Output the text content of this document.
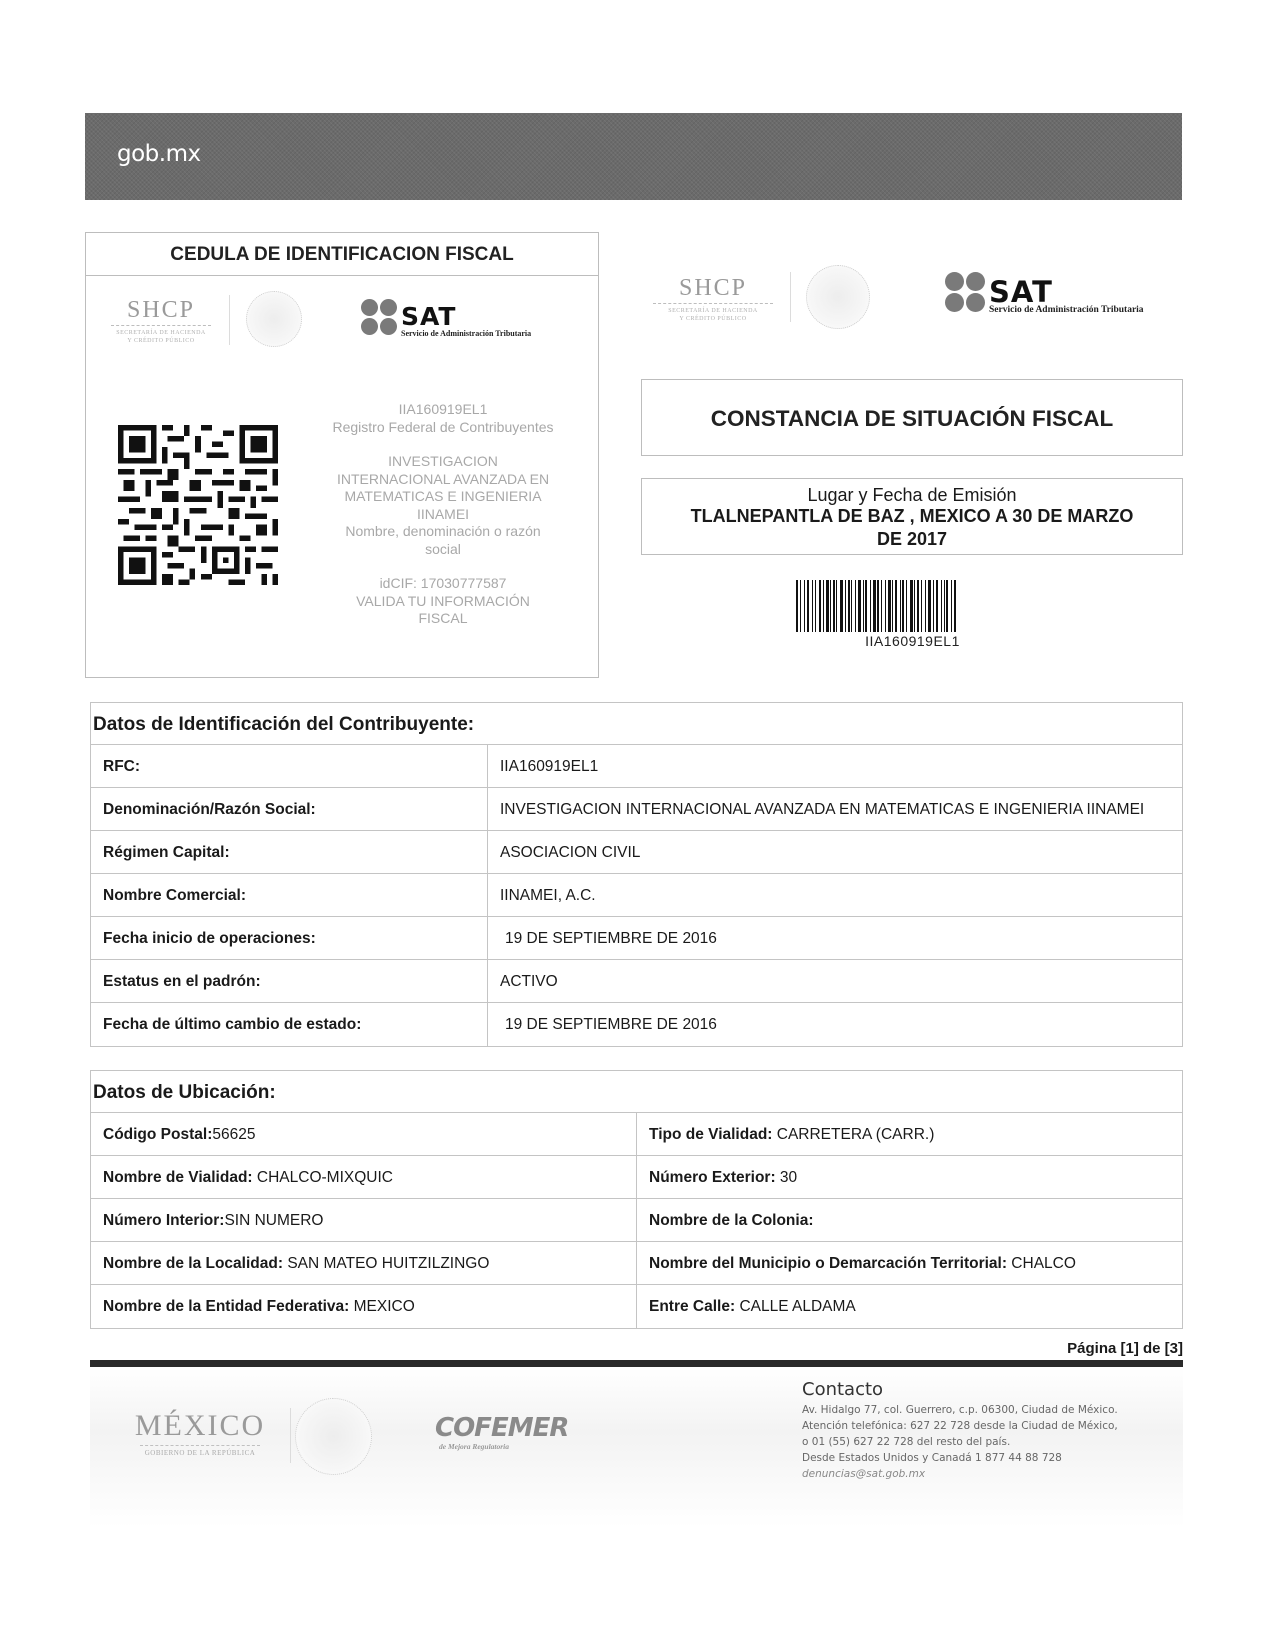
gob.mx
CEDULA DE IDENTIFICACION FISCAL
SHCP
SECRETARÍA DE HACIENDA
Y CRÉDITO PÚBLICO
SAT
Servicio de Administración Tributaria
IIA160919EL1
Registro Federal de Contribuyentes
INVESTIGACION
INTERNACIONAL AVANZADA EN
MATEMATICAS E INGENIERIA
IINAMEI
Nombre, denominación o razón
social
idCIF: 17030777587
VALIDA TU INFORMACIÓN
FISCAL
SHCP
SECRETARÍA DE HACIENDA
Y CRÉDITO PÚBLICO
SAT
Servicio de Administración Tributaria
CONSTANCIA DE SITUACIÓN FISCAL
Lugar y Fecha de Emisión
TLALNEPANTLA DE BAZ , MEXICO A 30 DE MARZO
DE 2017
IIA160919EL1
Datos de Identificación del Contribuyente:
RFC:	IIA160919EL1
Denominación/Razón Social:	INVESTIGACION INTERNACIONAL AVANZADA EN MATEMATICAS E INGENIERIA IINAMEI
Régimen Capital:	ASOCIACION CIVIL
Nombre Comercial:	IINAMEI, A.C.
Fecha inicio de operaciones:	19 DE SEPTIEMBRE DE 2016
Estatus en el padrón:	ACTIVO
Fecha de último cambio de estado:	19 DE SEPTIEMBRE DE 2016
Datos de Ubicación:
Código Postal:56625	Tipo de Vialidad: CARRETERA (CARR.)
Nombre de Vialidad: CHALCO-MIXQUIC	Número Exterior: 30
Número Interior:SIN NUMERO	Nombre de la Colonia:
Nombre de la Localidad: SAN MATEO HUITZILZINGO	Nombre del Municipio o Demarcación Territorial: CHALCO
Nombre de la Entidad Federativa: MEXICO	Entre Calle: CALLE ALDAMA
Página [1] de [3]
MÉXICO
GOBIERNO DE LA REPÚBLICA
COFEMER
de Mejora Regulatoria
Contacto
Av. Hidalgo 77, col. Guerrero, c.p. 06300, Ciudad de México.
Atención telefónica: 627 22 728 desde la Ciudad de México,
o 01 (55) 627 22 728 del resto del país.
Desde Estados Unidos y Canadá 1 877 44 88 728
denuncias@sat.gob.mx
